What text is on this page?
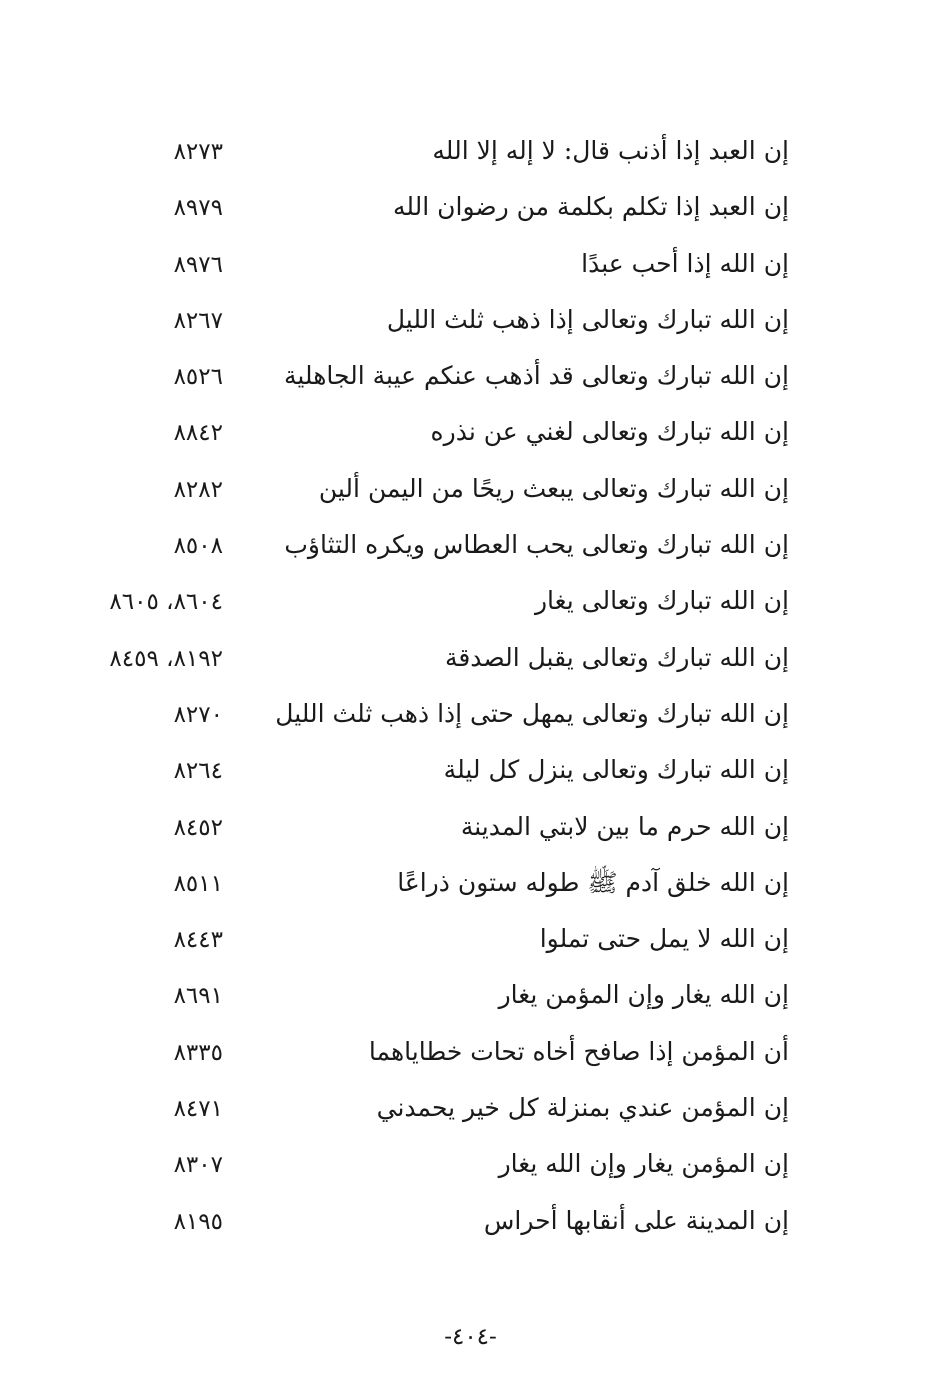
إن العبد إذا أذنب قال: لا إله إلا الله
٨٢٧٣
إن العبد إذا تكلم بكلمة من رضوان الله
٨٩٧٩
إن الله إذا أحب عبدًا
٨٩٧٦
إن الله تبارك وتعالى إذا ذهب ثلث الليل
٨٢٦٧
إن الله تبارك وتعالى قد أذهب عنكم عيبة الجاهلية
٨٥٢٦
إن الله تبارك وتعالى لغني عن نذره
٨٨٤٢
إن الله تبارك وتعالى يبعث ريحًا من اليمن ألين
٨٢٨٢
إن الله تبارك وتعالى يحب العطاس ويكره التثاؤب
٨٥٠٨
إن الله تبارك وتعالى يغار
٨٦٠٤، ٨٦٠٥
إن الله تبارك وتعالى يقبل الصدقة
٨١٩٢، ٨٤٥٩
إن الله تبارك وتعالى يمهل حتى إذا ذهب ثلث الليل
٨٢٧٠
إن الله تبارك وتعالى ينزل كل ليلة
٨٢٦٤
إن الله حرم ما بين لابتي المدينة
٨٤٥٢
إن الله خلق آدم ﷺ طوله ستون ذراعًا
٨٥١١
إن الله لا يمل حتى تملوا
٨٤٤٣
إن الله يغار وإن المؤمن يغار
٨٦٩١
أن المؤمن إذا صافح أخاه تحات خطاياهما
٨٣٣٥
إن المؤمن عندي بمنزلة كل خير يحمدني
٨٤٧١
إن المؤمن يغار وإن الله يغار
٨٣٠٧
إن المدينة على أنقابها أحراس
٨١٩٥
-٤٠٤-
